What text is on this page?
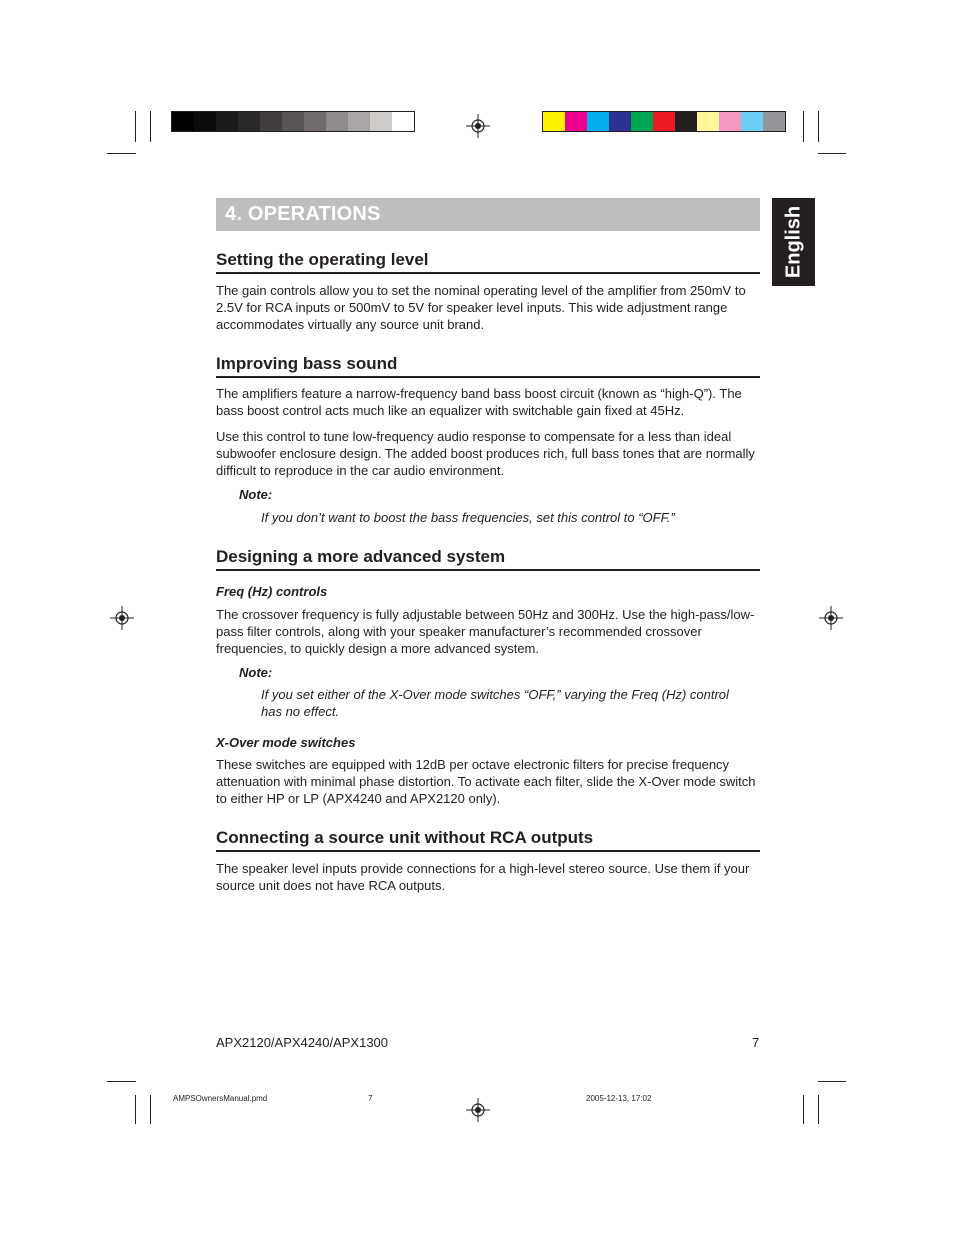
4. OPERATIONS	English
Setting the operating level

The gain controls allow you to set the nominal operating level of the amplifier from 250mV to 2.5V for RCA inputs or 500mV to 5V for speaker level inputs. This wide adjustment range accommodates virtually any source unit brand.

Improving bass sound

The amplifiers feature a narrow-frequency band bass boost circuit (known as “high-Q”). The bass boost control acts much like an equalizer with switchable gain fixed at 45Hz.

Use this control to tune low-frequency audio response to compensate for a less than ideal subwoofer enclosure design. The added boost produces rich, full bass tones that are normally difficult to reproduce in the car audio environment.

Note:

If you don’t want to boost the bass frequencies, set this control to “OFF.”

Designing a more advanced system
Freq (Hz) controls

The crossover frequency is fully adjustable between 50Hz and 300Hz. Use the high-pass/low-pass filter controls, along with your speaker manufacturer’s recommended crossover frequencies, to quickly design a more advanced system.

Note:

If you set either of the X-Over mode switches “OFF,” varying the Freq (Hz) control has no effect.

X-Over mode switches

These switches are equipped with 12dB per octave electronic filters for precise frequency attenuation with minimal phase distortion. To activate each filter, slide the X-Over mode switch to either HP or LP (APX4240 and APX2120 only).

Connecting a source unit without RCA outputs

The speaker level inputs provide connections for a high-level stereo source. Use them if your source unit does not have RCA outputs.

APX2120/APX4240/APX1300	7
AMPSOwnersManual.pmd	7	2005-12-13, 17:02
